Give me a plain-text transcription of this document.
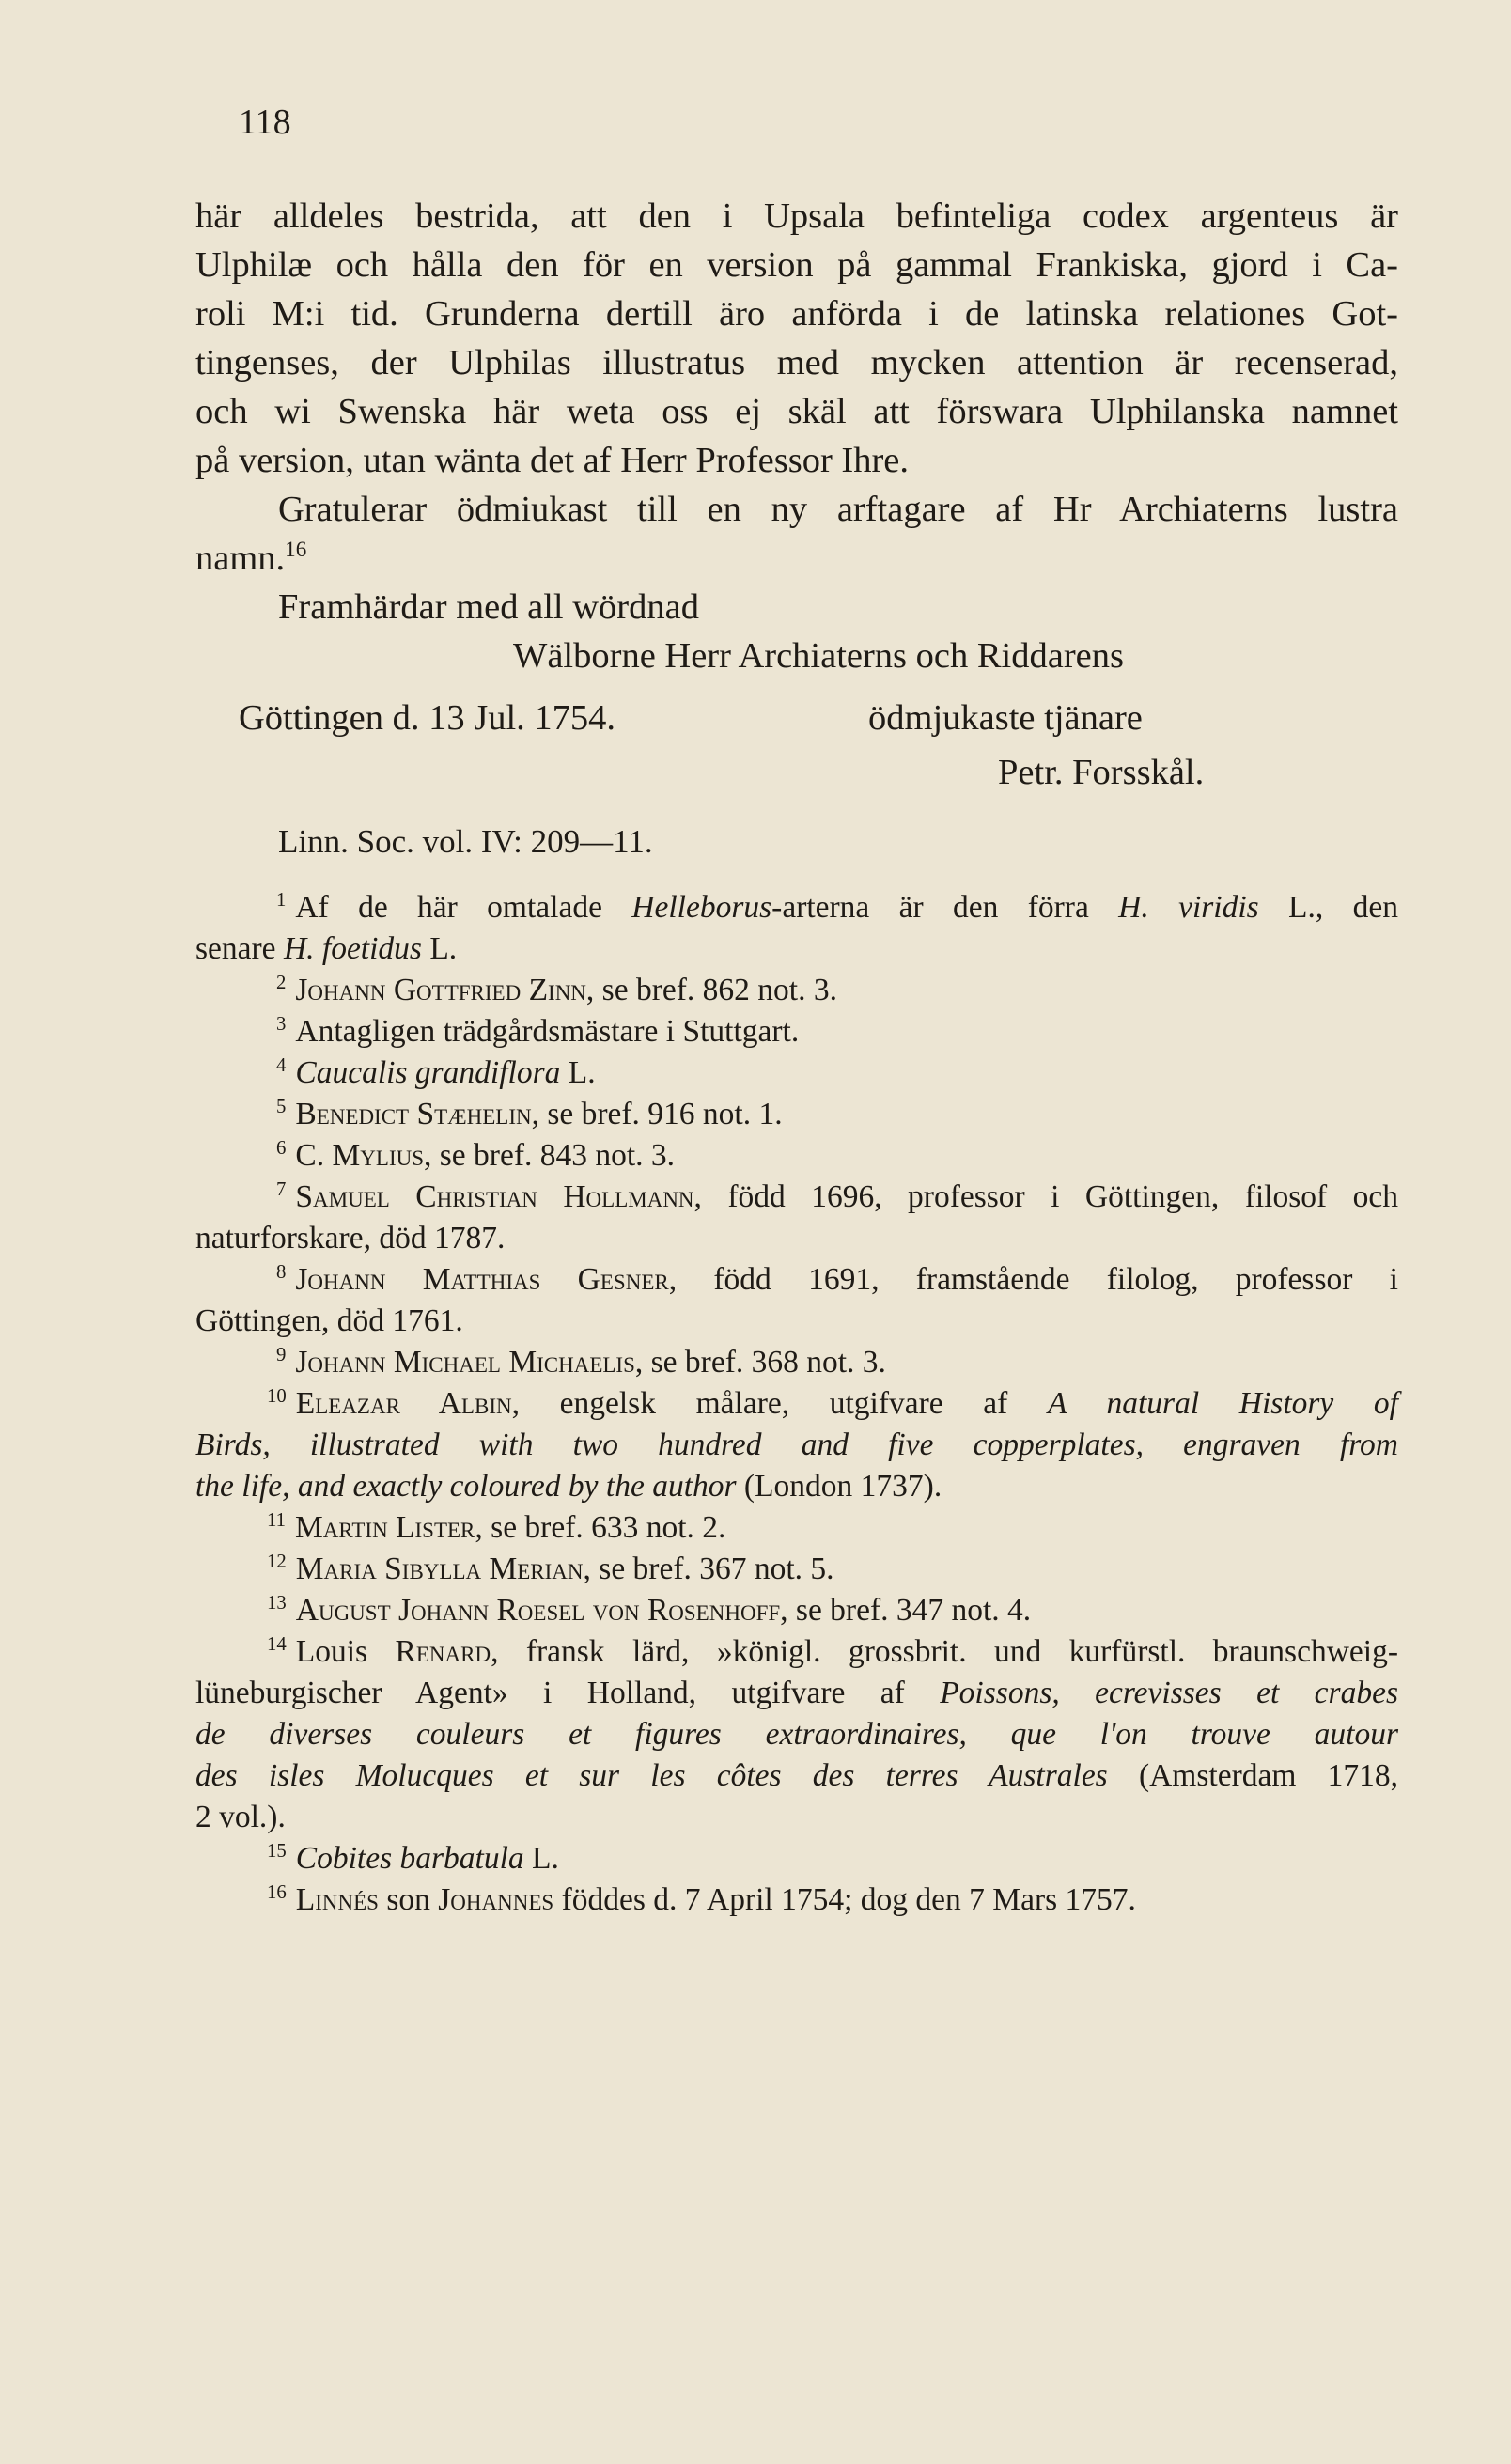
118
här alldeles bestrida, att den i Upsala befinteliga codex argenteus är
Ulphilæ och hålla den för en version på gammal Frankiska, gjord i Ca-
roli M:i tid. Grunderna dertill äro anförda i de latinska relationes Got-
tingenses, der Ulphilas illustratus med mycken attention är recenserad,
och wi Swenska här weta oss ej skäl att förswara Ulphilanska namnet
på version, utan wänta det af Herr Professor Ihre.
Gratulerar ödmiukast till en ny arftagare af Hr Archiaterns lustra
namn.$^{16}$
Framhärdar med all wördnad
Wälborne Herr Archiaterns och Riddarens
Göttingen d. 13 Jul. 1754.	ödmjukaste tjänare
Petr. Forsskål.
Linn. Soc. vol. IV: 209—11.
$^1$ Af de här omtalade Helleborus-arterna är den förra H. viridis L., den
senare H. foetidus L.
$^2$ Johann Gottfried Zinn, se bref. 862 not. 3.
$^3$ Antagligen trädgårdsmästare i Stuttgart.
$^4$ Caucalis grandiflora L.
$^5$ Benedict Stæhelin, se bref. 916 not. 1.
$^6$ C. Mylius, se bref. 843 not. 3.
$^7$ Samuel Christian Hollmann, född 1696, professor i Göttingen, filosof och
naturforskare, död 1787.
$^8$ Johann Matthias Gesner, född 1691, framstående filolog, professor i
Göttingen, död 1761.
$^9$ Johann Michael Michaelis, se bref. 368 not. 3.
$^{10}$ Eleazar Albin, engelsk målare, utgifvare af A natural History of
Birds, illustrated with two hundred and five copperplates, engraven from
the life, and exactly coloured by the author (London 1737).
$^{11}$ Martin Lister, se bref. 633 not. 2.
$^{12}$ Maria Sibylla Merian, se bref. 367 not. 5.
$^{13}$ August Johann Roesel von Rosenhoff, se bref. 347 not. 4.
$^{14}$ Louis Renard, fransk lärd, »königl. grossbrit. und kurfürstl. braunschweig-
lüneburgischer Agent» i Holland, utgifvare af Poissons, ecrevisses et crabes
de diverses couleurs et figures extraordinaires, que l'on trouve autour
des isles Molucques et sur les côtes des terres Australes (Amsterdam 1718,
2 vol.).
$^{15}$ Cobites barbatula L.
$^{16}$ Linnés son Johannes föddes d. 7 April 1754; dog den 7 Mars 1757.
